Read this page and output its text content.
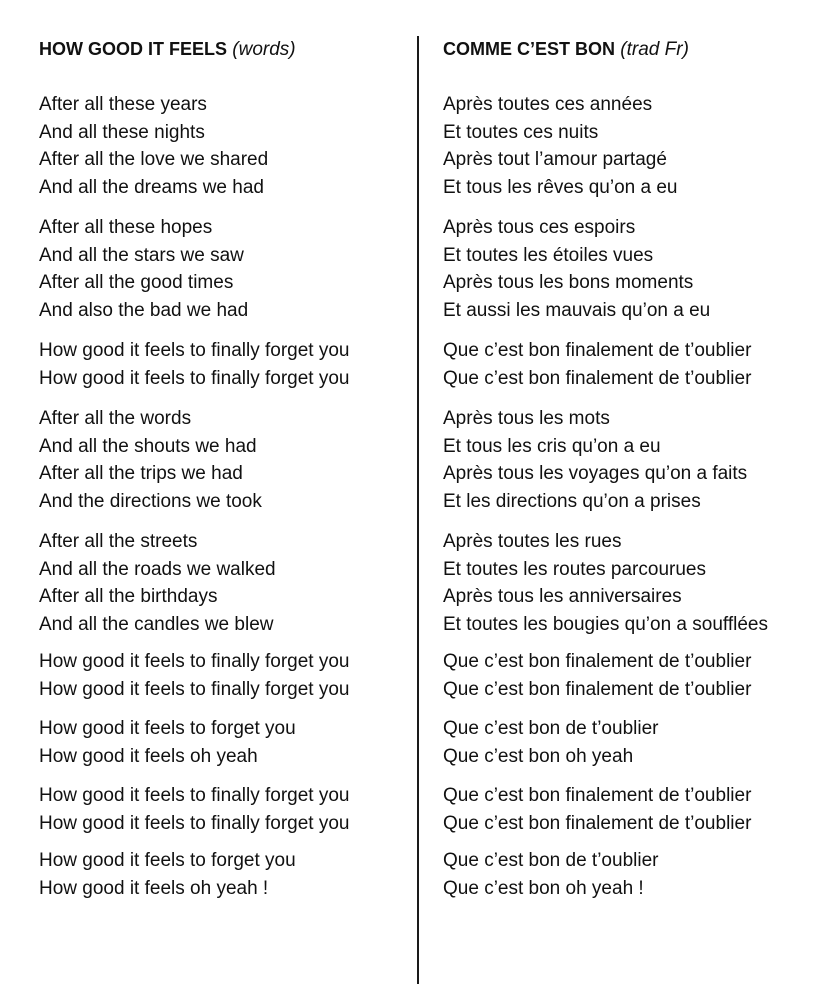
HOW GOOD IT FEELS (words)
After all these years
And all these nights
After all the love we shared
And all the dreams we had
After all these hopes
And all the stars we saw
After all the good times
And also the bad we had
How good it feels to finally forget you
How good it feels to finally forget you
After all the words
And all the shouts we had
After all the trips we had
And the directions we took
After all the streets
And all the roads we walked
After all the birthdays
And all the candles we blew
How good it feels to finally forget you
How good it feels to finally forget you
How good it feels to forget you
How good it feels oh yeah
How good it feels to finally forget you
How good it feels to finally forget you
How good it feels to forget you
How good it feels oh yeah !
COMME C’EST BON (trad Fr)
Après toutes ces années
Et toutes ces nuits
Après tout l’amour partagé
Et tous les rêves qu’on a eu
Après tous ces espoirs
Et toutes les étoiles vues
Après tous les bons moments
Et aussi les mauvais qu’on a eu
Que c’est bon finalement de t’oublier
Que c’est bon finalement de t’oublier
Après tous les mots
Et tous les cris qu’on a eu
Après tous les voyages qu’on a faits
Et les directions qu’on a prises
Après toutes les rues
Et toutes les routes parcourues
Après tous les anniversaires
Et toutes les bougies qu’on a soufflées
Que c’est bon finalement de t’oublier
Que c’est bon finalement de t’oublier
Que c’est bon de t’oublier
Que c’est bon oh yeah
Que c’est bon finalement de t’oublier
Que c’est bon finalement de t’oublier
Que c’est bon de t’oublier
Que c’est bon oh yeah !
